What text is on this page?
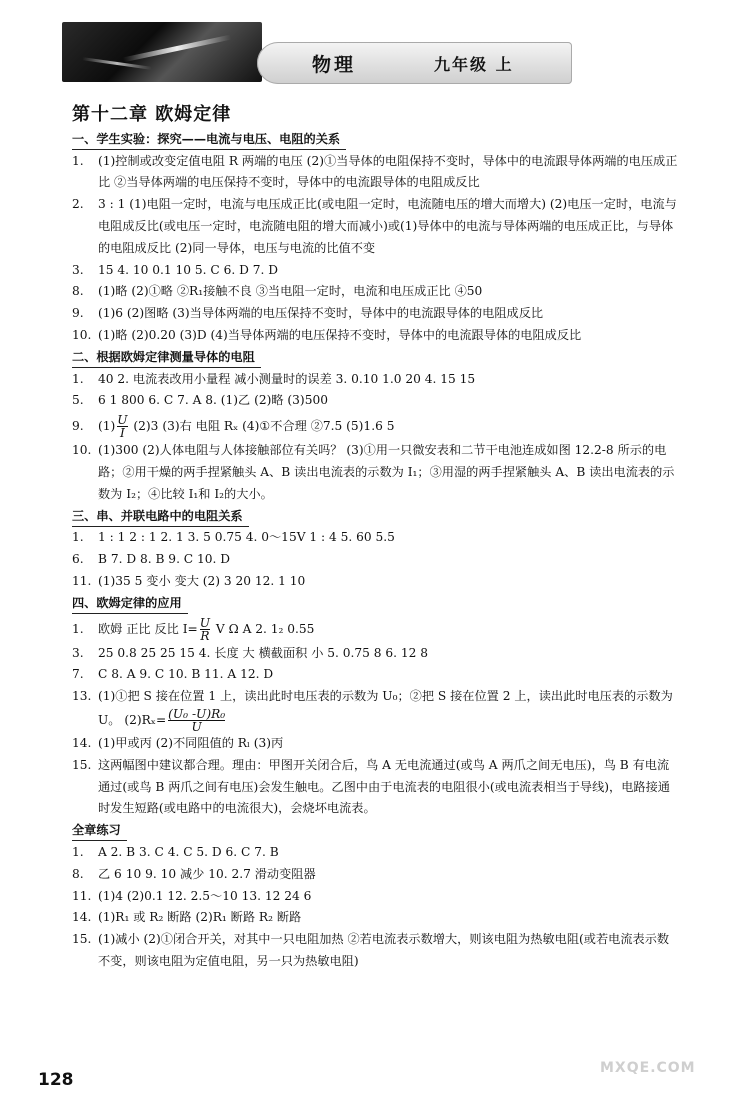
物理	九年级 上
第十二章 欧姆定律
一、学生实验：探究——电流与电压、电阻的关系
1. (1)控制或改变定值电阻 R 两端的电压 (2)①当导体的电阻保持不变时，导体中的电流跟导体两端的电压成正比 ②当导体两端的电压保持不变时，导体中的电流跟导体的电阻成反比
2. 3 : 1 (1)电阻一定时，电流与电压成正比(或电阻一定时，电流随电压的增大而增大) (2)电压一定时，电流与电阻成反比(或电压一定时，电流随电阻的增大而减小)或(1)导体中的电流与导体两端的电压成正比，与导体的电阻成反比 (2)同一导体，电压与电流的比值不变
3. 15 4. 10 0.1 10 5. C 6. D 7. D
8. (1)略 (2)①略 ②R₁接触不良 ③当电阻一定时，电流和电压成正比 ④50
9. (1)6 (2)图略 (3)当导体两端的电压保持不变时，导体中的电流跟导体的电阻成反比
10. (1)略 (2)0.20 (3)D (4)当导体两端的电压保持不变时，导体中的电流跟导体的电阻成反比
二、根据欧姆定律测量导体的电阻
1. 40 2. 电流表改用小量程 减小测量时的误差 3. 0.10 1.0 20 4. 15 15
5. 6 1 800 6. C 7. A 8. (1)乙 (2)略 (3)500
9. $(1) \frac{U}{I} (2)3$ (3)右 电阻 Rₓ (4)①不合理 ②7.5 (5)1.6 5
10. (1)300 (2)人体电阻与人体接触部位有关吗？ (3)①用一只微安表和二节干电池连成如图 12.2-8 所示的电路；②用干燥的两手捏紧触头 A、B 读出电流表的示数为 I₁；③用湿的两手捏紧触头 A、B 读出电流表的示数为 I₂；④比较 I₁和 I₂的大小。
三、串、并联电路中的电阻关系
1. 1 : 1 2 : 1 2. 1 3. 5 0.75 4. 0～15V 1 : 4 5. 60 5.5
6. B 7. D 8. B 9. C 10. D
11. (1)35 5 变小 变大 (2) 3 20 12. 1 10
四、欧姆定律的应用
1. 欧姆 正比 反比 $I= \frac{U}{R}$ V Ω A 2. 1₂ 0.55
3. 25 0.8 25 25 15 4. 长度 大 横截面积 小 5. 0.75 8 6. 12 8
7. C 8. A 9. C 10. B 11. A 12. D
13. (1)①把 S 接在位置 1 上，读出此时电压表的示数为 U₀；②把 S 接在位置 2 上，读出此时电压表的示数为
U。 $(2)R_x= \frac{\text{(U₀ -U)R₀}}{U}$
14. (1)甲或丙 (2)不同阻值的 Rₗ (3)丙
15. 这两幅图中建议都合理。理由：甲图开关闭合后，鸟 A 无电流通过(或鸟 A 两爪之间无电压)，鸟 B 有电流通过(或鸟 B 两爪之间有电压)会发生触电。乙图中由于电流表的电阻很小(或电流表相当于导线)，电路接通时发生短路(或电路中的电流很大)，会烧坏电流表。
全章练习
1. A 2. B 3. C 4. C 5. D 6. C 7. B
8. 乙 6 10 9. 10 减少 10. 2.7 滑动变阻器
11. (1)4 (2)0.1 12. 2.5～10 13. 12 24 6
14. (1)R₁ 或 R₂ 断路 (2)R₁ 断路 R₂ 断路
15. (1)减小 (2)①闭合开关，对其中一只电阻加热 ②若电流表示数增大，则该电阻为热敏电阻(或若电流表示数不变，则该电阻为定值电阻，另一只为热敏电阻)
128
MXQE.COM
